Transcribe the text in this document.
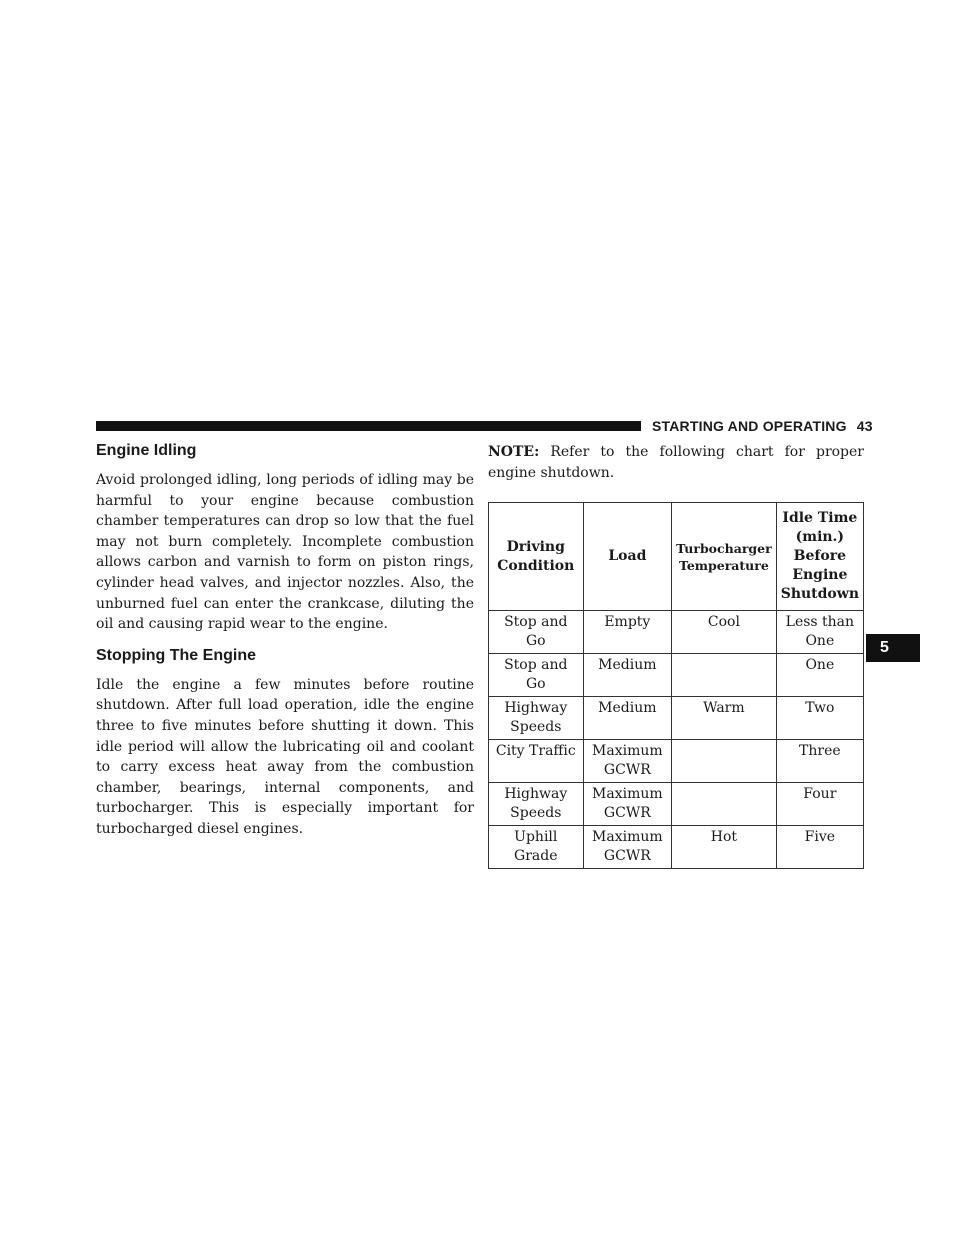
STARTING AND OPERATING 43
5
Engine Idling

Avoid prolonged idling, long periods of idling may be harmful to your engine because combustion chamber temperatures can drop so low that the fuel may not burn completely. Incomplete combustion allows carbon and varnish to form on piston rings, cylinder head valves, and injector nozzles. Also, the unburned fuel can enter the crankcase, diluting the oil and causing rapid wear to the engine.

Stopping The Engine

Idle the engine a few minutes before routine shutdown. After full load operation, idle the engine three to five minutes before shutting it down. This idle period will allow the lubricating oil and coolant to carry excess heat away from the combustion chamber, bearings, internal components, and turbocharger. This is especially important for turbocharged diesel engines.

NOTE: Refer to the following chart for proper engine shutdown.

Driving Condition	Load	Turbocharger Temperature	Idle Time (min.) Before Engine Shutdown
Stop and Go	Empty	Cool	Less than One
Stop and Go	Medium		One
Highway Speeds	Medium	Warm	Two
City Traffic	Maximum GCWR		Three
Highway Speeds	Maximum GCWR		Four
Uphill Grade	Maximum GCWR	Hot	Five
